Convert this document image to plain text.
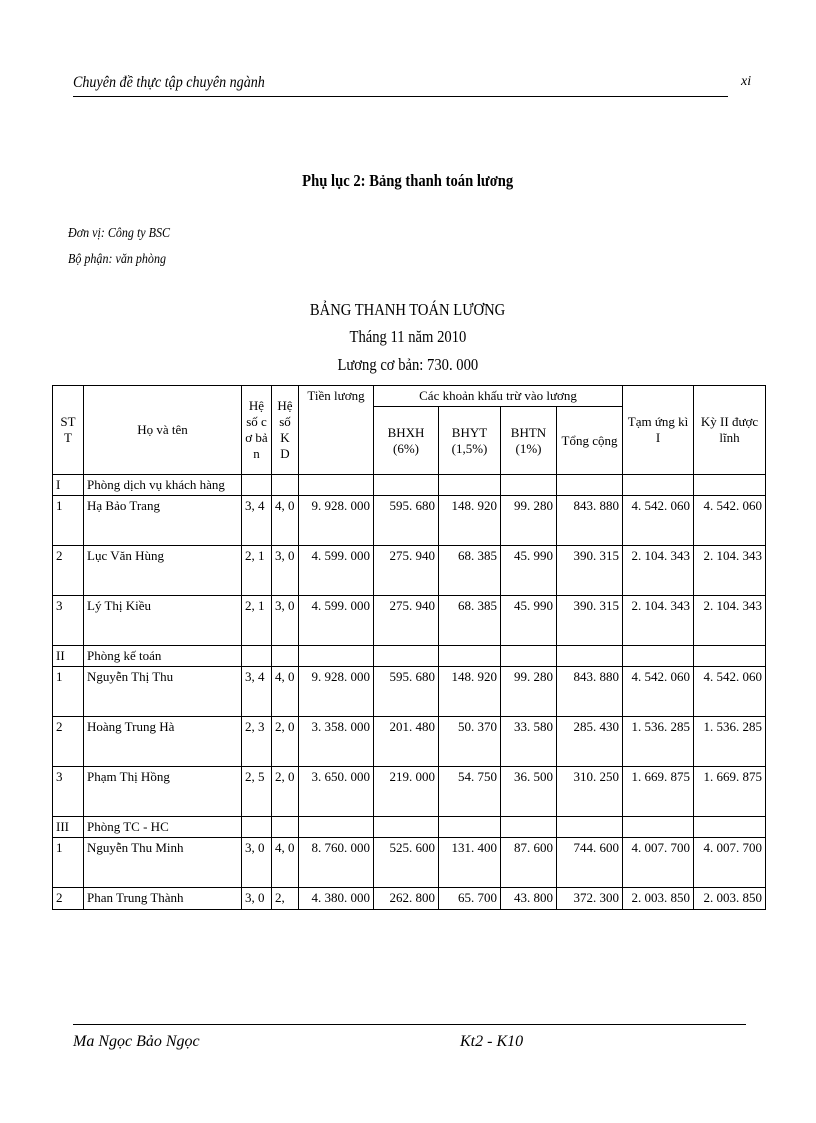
Chuyên đề thực tập chuyên ngành	xi
Phụ lục 2: Bảng thanh toán lương
Đơn vị: Công ty BSC
Bộ phận: văn phòng
BẢNG THANH TOÁN LƯƠNG
Tháng 11 năm 2010
Lương cơ bản: 730. 000
ST T	Họ và tên	Hệ số cơ bản	Hệ số K D	Tiền lương	Các khoản khấu trừ vào lương				Tạm ứng kì I	Kỳ II được lĩnh
					BHXH (6%)	BHYT (1,5%)	BHTN (1%)	Tổng cộng		
I	Phòng dịch vụ khách hàng									
1	Hạ Bảo Trang	3, 4	4, 0	9. 928. 000	595. 680	148. 920	99. 280	843. 880	4. 542. 060	4. 542. 060
2	Lục Văn Hùng	2, 1	3, 0	4. 599. 000	275. 940	68. 385	45. 990	390. 315	2. 104. 343	2. 104. 343
3	Lý Thị Kiều	2, 1	3, 0	4. 599. 000	275. 940	68. 385	45. 990	390. 315	2. 104. 343	2. 104. 343
II	Phòng kế toán									
1	Nguyễn Thị Thu	3, 4	4, 0	9. 928. 000	595. 680	148. 920	99. 280	843. 880	4. 542. 060	4. 542. 060
2	Hoàng Trung Hà	2, 3	2, 0	3. 358. 000	201. 480	50. 370	33. 580	285. 430	1. 536. 285	1. 536. 285
3	Phạm Thị Hồng	2, 5	2, 0	3. 650. 000	219. 000	54. 750	36. 500	310. 250	1. 669. 875	1. 669. 875
III	Phòng TC - HC									
1	Nguyễn Thu Minh	3, 0	4, 0	8. 760. 000	525. 600	131. 400	87. 600	744. 600	4. 007. 700	4. 007. 700
2	Phan Trung Thành	3, 0	2,	4. 380. 000	262. 800	65. 700	43. 800	372. 300	2. 003. 850	2. 003. 850
Ma Ngọc Bảo Ngọc	Kt2 - K10
